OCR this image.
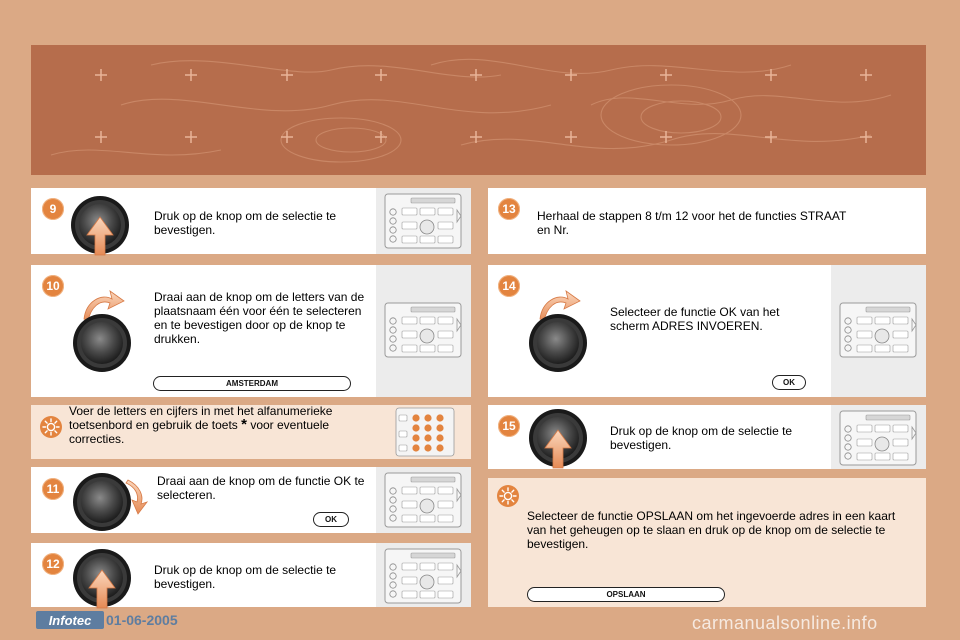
9	Druk op de knop om de selectie te
bevestigen.
10
Draai aan de knop om de letters van de
plaatsnaam één voor één te selecteren
en te bevestigen door op de knop te
drukken.
AMSTERDAM
Voer de letters en cijfers in met het alfanumerieke
toetsenbord en gebruik de toets * voor eventuele
correcties.
11
Draai aan de knop om de functie OK te
selecteren.
OK
12	Druk op de knop om de selectie te
bevestigen.
13	Herhaal de stappen 8 t/m 12 voor het de functies STRAAT
en Nr.
14
Selecteer de functie OK van het
scherm ADRES INVOEREN.
OK
15	Druk op de knop om de selectie te
bevestigen.
Selecteer de functie OPSLAAN om het ingevoerde adres in een kaart
van het geheugen op te slaan en druk op de knop om de selectie te
bevestigen.
OPSLAAN
Infotec	01-06-2005	carmanualsonline.info
